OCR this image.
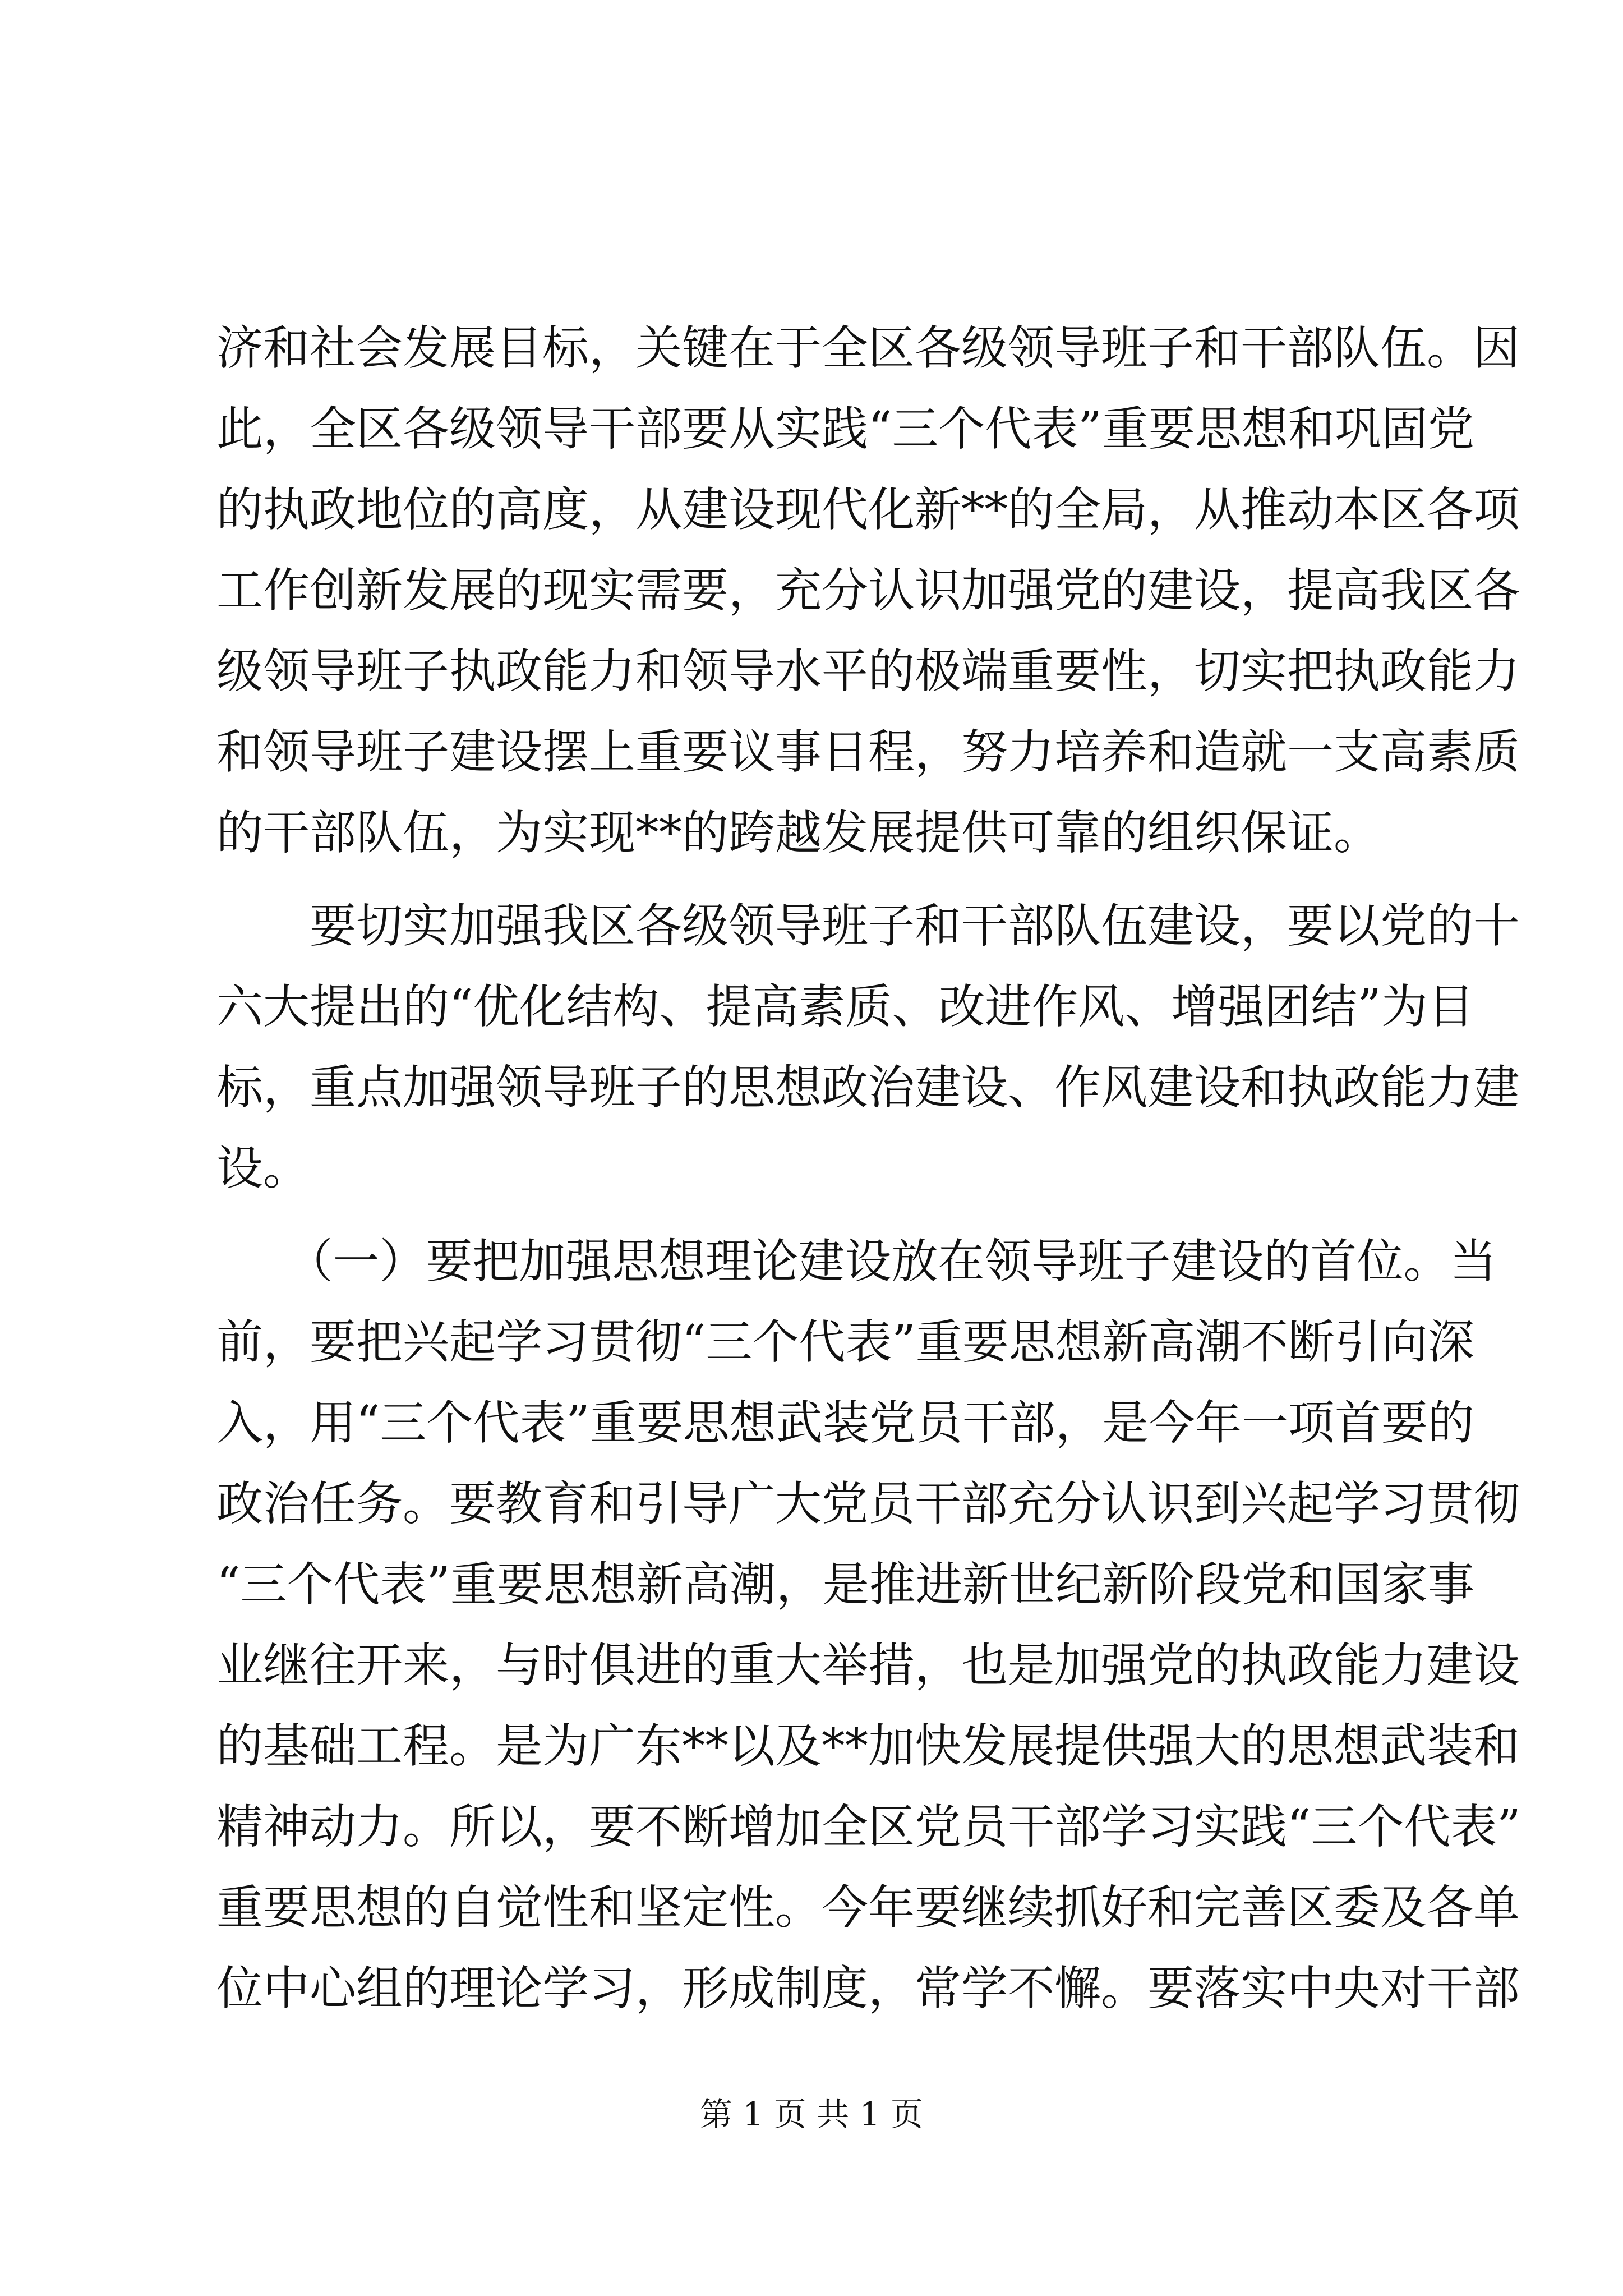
济和社会发展目标，关键在于全区各级领导班子和干部队伍。因
此，全区各级领导干部要从实践“三个代表”重要思想和巩固党
的执政地位的高度，从建设现代化新**的全局，从推动本区各项
工作创新发展的现实需要，充分认识加强党的建设，提高我区各
级领导班子执政能力和领导水平的极端重要性，切实把执政能力
和领导班子建设摆上重要议事日程，努力培养和造就一支高素质
的干部队伍，为实现**的跨越发展提供可靠的组织保证。
　　要切实加强我区各级领导班子和干部队伍建设，要以党的十
六大提出的“优化结构、提高素质、改进作风、增强团结”为目
标，重点加强领导班子的思想政治建设、作风建设和执政能力建
设。
　　（一）要把加强思想理论建设放在领导班子建设的首位。当
前，要把兴起学习贯彻“三个代表”重要思想新高潮不断引向深
入，用“三个代表”重要思想武装党员干部，是今年一项首要的
政治任务。要教育和引导广大党员干部充分认识到兴起学习贯彻
“三个代表”重要思想新高潮，是推进新世纪新阶段党和国家事
业继往开来，与时俱进的重大举措，也是加强党的执政能力建设
的基础工程。是为广东**以及**加快发展提供强大的思想武装和
精神动力。所以，要不断增加全区党员干部学习实践“三个代表”
重要思想的自觉性和坚定性。今年要继续抓好和完善区委及各单
位中心组的理论学习，形成制度，常学不懈。要落实中央对干部
第 1 页 共 1 页
